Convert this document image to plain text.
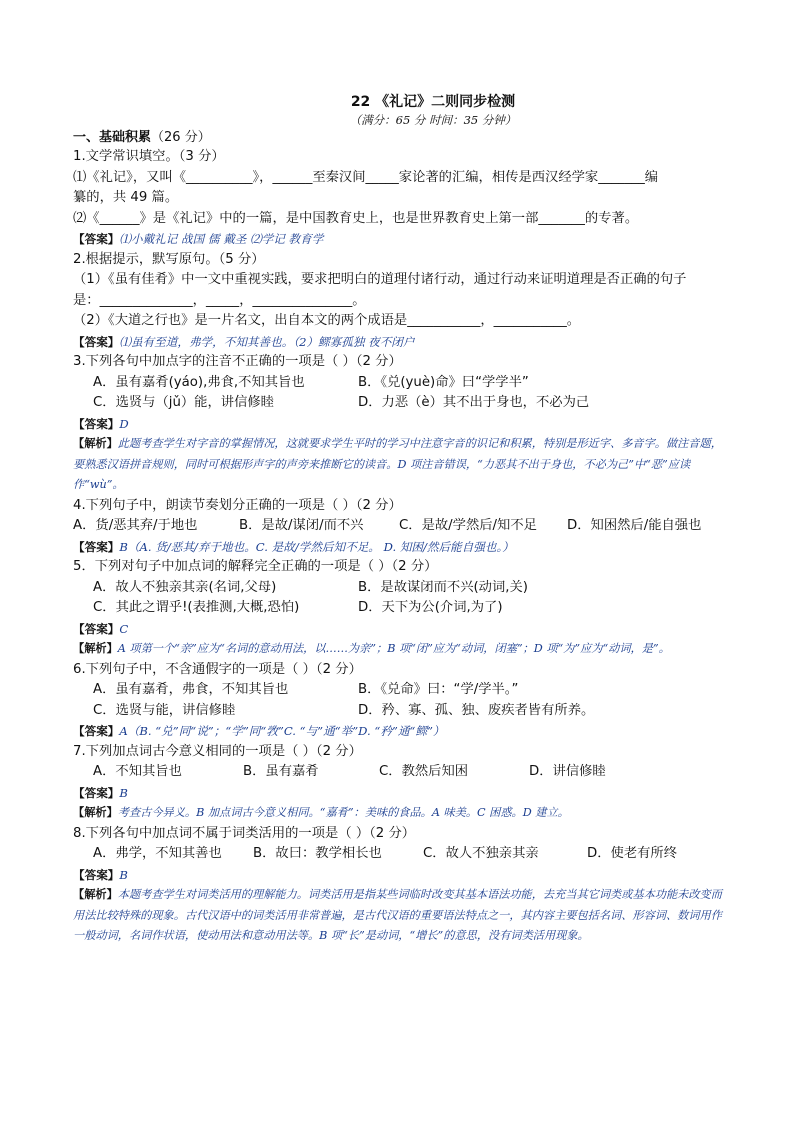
22 《礼记》二则同步检测
（满分：65 分 时间：35 分钟）
一、基础积累（26 分）
1.文学常识填空。（3 分）
⑴《礼记》，又叫《__________》，______至秦汉间_____家论著的汇编，相传是西汉经学家_______编
纂的，共 49 篇。
⑵《______》是《礼记》中的一篇，是中国教育史上，也是世界教育史上第一部_______的专著。
【答案】⑴小戴礼记 战国 儒 戴圣 ⑵学记 教育学
2.根据提示，默写原句。（5 分）
（1）《虽有佳肴》中一文中重视实践，要求把明白的道理付诸行动，通过行动来证明道理是否正确的句子
是：______________，_____，_______________。
（2）《大道之行也》是一片名文，出自本文的两个成语是___________，___________。
【答案】⑴虽有至道，弗学，不知其善也。（2）鳏寡孤独 夜不闭户
3.下列各句中加点字的注音不正确的一项是（ ）（2 分）
A．虽有嘉肴(yáo),弗食,不知其旨也	B．《兑(yuè)命》曰“学学半”
C．选贤与（jǔ）能，讲信修睦	D．力恶（è）其不出于身也，不必为己
【答案】D
【解析】此题考查学生对字音的掌握情况，这就要求学生平时的学习中注意字音的识记和积累，特别是形近字、多音字。做注音题，要熟悉汉语拼音规则，同时可根据形声字的声旁来推断它的读音。D 项注音错误，“力恶其不出于身也，不必为己”中“恶”应读作“wù”。
4.下列句子中，朗读节奏划分正确的一项是（ ）（2 分）
A．货/恶其弃/于地也	B．是故/谋闭/而不兴	C．是故/学然后/知不足 D．知困然后/能自强也
【答案】B（A. 货/恶其/弃于地也。C. 是故/学然后知不足。 D. 知困/然后能自强也。）
5．下列对句子中加点词的解释完全正确的一项是（ ）（2 分）
A．故人不独亲其亲(名词,父母)	B．是故谋闭而不兴(动词,关)
C．其此之谓乎!(表推测,大概,恐怕)	D．天下为公(介词,为了)
【答案】C
【解析】A 项第一个“亲”应为“名词的意动用法，以……为亲”；B 项“闭”应为“动词，闭塞”；D 项“为”应为“动词，是”。
6.下列句子中，不含通假字的一项是（ ）（2 分）
A．虽有嘉肴，弗食，不知其旨也	B．《兑命》曰：“学/学半。”
C．选贤与能，讲信修睦	D．矜、寡、孤、独、废疾者皆有所养。
【答案】A（B. “兑”同“说”；“学”同“敩”C. “与”通“举”D. “矜”通“鳏”）
7.下列加点词古今意义相同的一项是（ ）（2 分）
A．不知其旨也	B．虽有嘉肴	C．教然后知困	D．讲信修睦
【答案】B
【解析】考查古今异义。B 加点词古今意义相同。“嘉肴”：美味的食品。A 味美。C 困惑。D 建立。
8.下列各句中加点词不属于词类活用的一项是（ ）（2 分）
A．弗学，不知其善也 B．故曰：教学相长也	C．故人不独亲其亲	D．使老有所终
【答案】B
【解析】本题考查学生对词类活用的理解能力。词类活用是指某些词临时改变其基本语法功能，去充当其它词类或基本功能未改变而用法比较特殊的现象。古代汉语中的词类活用非常普遍，是古代汉语的重要语法特点之一，其内容主要包括名词、形容词、数词用作一般动词，名词作状语，使动用法和意动用法等。B 项“长”是动词，“增长”的意思，没有词类活用现象。
